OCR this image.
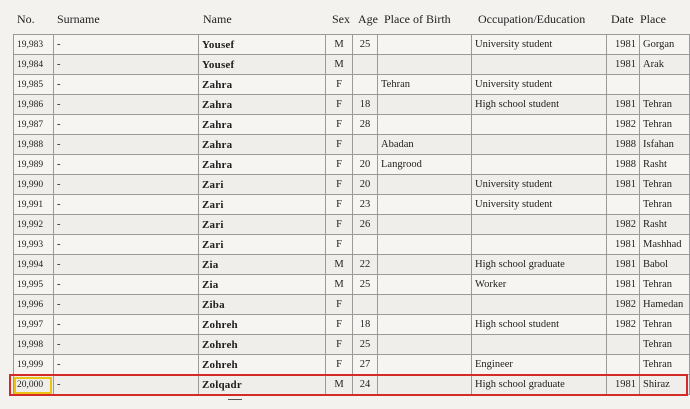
No. Surname	Name	Sex Age Place of Birth Occupation/Education Date Place
19,983	-	Yousef	M	25		University student	1981	Gorgan
19,984	-	Yousef	M				1981	Arak
19,985	-	Zahra	F		Tehran	University student		
19,986	-	Zahra	F	18		High school student	1981	Tehran
19,987	-	Zahra	F	28			1982	Tehran
19,988	-	Zahra	F		Abadan		1988	Isfahan
19,989	-	Zahra	F	20	Langrood		1988	Rasht
19,990	-	Zari	F	20		University student	1981	Tehran
19,991	-	Zari	F	23		University student		Tehran
19,992	-	Zari	F	26			1982	Rasht
19,993	-	Zari	F				1981	Mashhad
19,994	-	Zia	M	22		High school graduate	1981	Babol
19,995	-	Zia	M	25		Worker	1981	Tehran
19,996	-	Ziba	F				1982	Hamedan
19,997	-	Zohreh	F	18		High school student	1982	Tehran
19,998	-	Zohreh	F	25				Tehran
19,999	-	Zohreh	F	27		Engineer		Tehran
20,000	-	Zolqadr	M	24		High school graduate	1981	Shiraz
